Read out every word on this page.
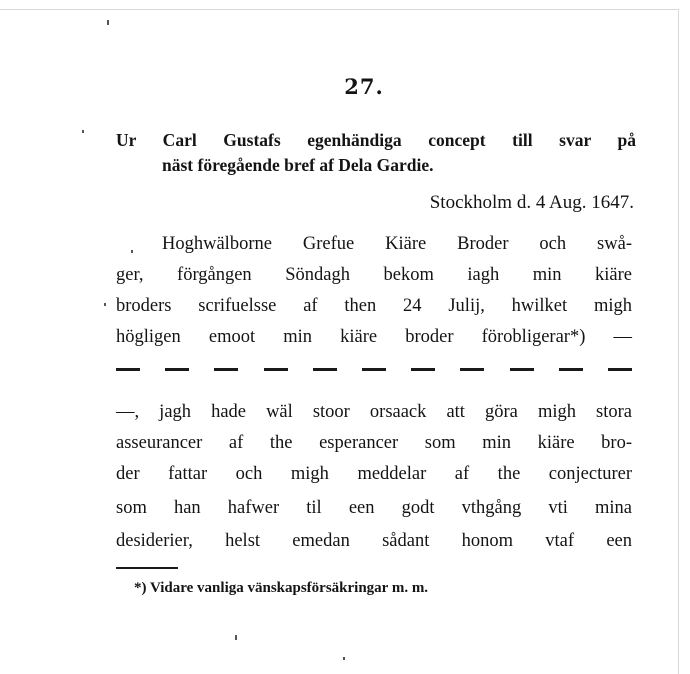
27.
Ur Carl Gustafs egenhändiga concept till svar på
näst föregående bref af Dela Gardie.
Stockholm d. 4 Aug. 1647.
Hoghwälborne Grefue Kiäre Broder och swå-
ger, förgången Söndagh bekom iagh min kiäre
broders scrifuelsse af then 24 Julij, hwilket migh
högligen emoot min kiäre broder förobligerar*) —
—, jagh hade wäl stoor orsaack att göra migh stora
asseurancer af the esperancer som min kiäre bro-
der fattar och migh meddelar af the conjecturer
som han hafwer til een godt vthgång vti mina
desiderier, helst emedan sådant honom vtaf een
*) Vidare vanliga vänskapsförsäkringar m. m.
